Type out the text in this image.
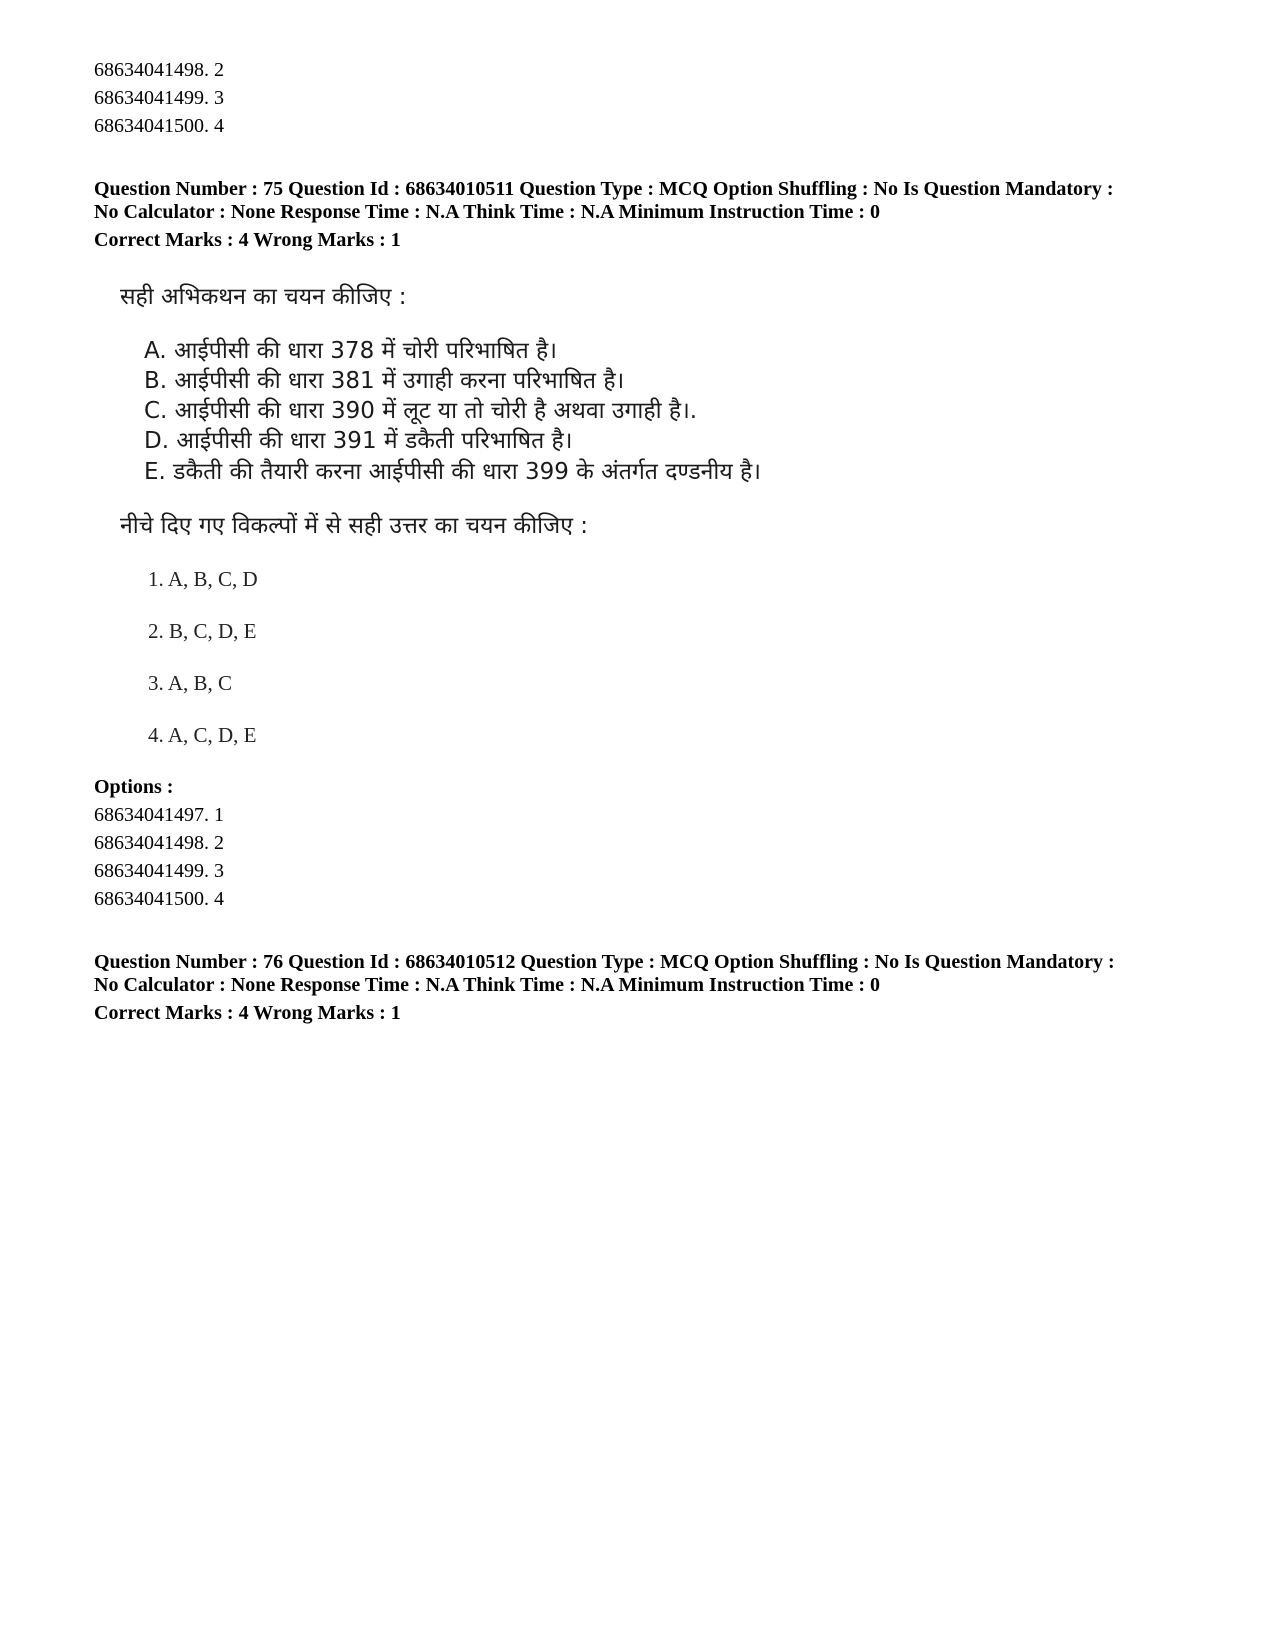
68634041498. 2
68634041499. 3
68634041500. 4
Question Number : 75 Question Id : 68634010511 Question Type : MCQ Option Shuffling : No Is Question Mandatory :
No Calculator : None Response Time : N.A Think Time : N.A Minimum Instruction Time : 0
Correct Marks : 4 Wrong Marks : 1
सही अभिकथन का चयन कीजिए :
A. आईपीसी की धारा 378 में चोरी परिभाषित है।
B. आईपीसी की धारा 381 में उगाही करना परिभाषित है।
C. आईपीसी की धारा 390 में लूट या तो चोरी है अथवा उगाही है।.
D. आईपीसी की धारा 391 में डकैती परिभाषित है।
E. डकैती की तैयारी करना आईपीसी की धारा 399 के अंतर्गत दण्डनीय है।
नीचे दिए गए विकल्पों में से सही उत्तर का चयन कीजिए :
1. A, B, C, D
2. B, C, D, E
3. A, B, C
4. A, C, D, E
Options :
68634041497. 1
68634041498. 2
68634041499. 3
68634041500. 4
Question Number : 76 Question Id : 68634010512 Question Type : MCQ Option Shuffling : No Is Question Mandatory :
No Calculator : None Response Time : N.A Think Time : N.A Minimum Instruction Time : 0
Correct Marks : 4 Wrong Marks : 1
